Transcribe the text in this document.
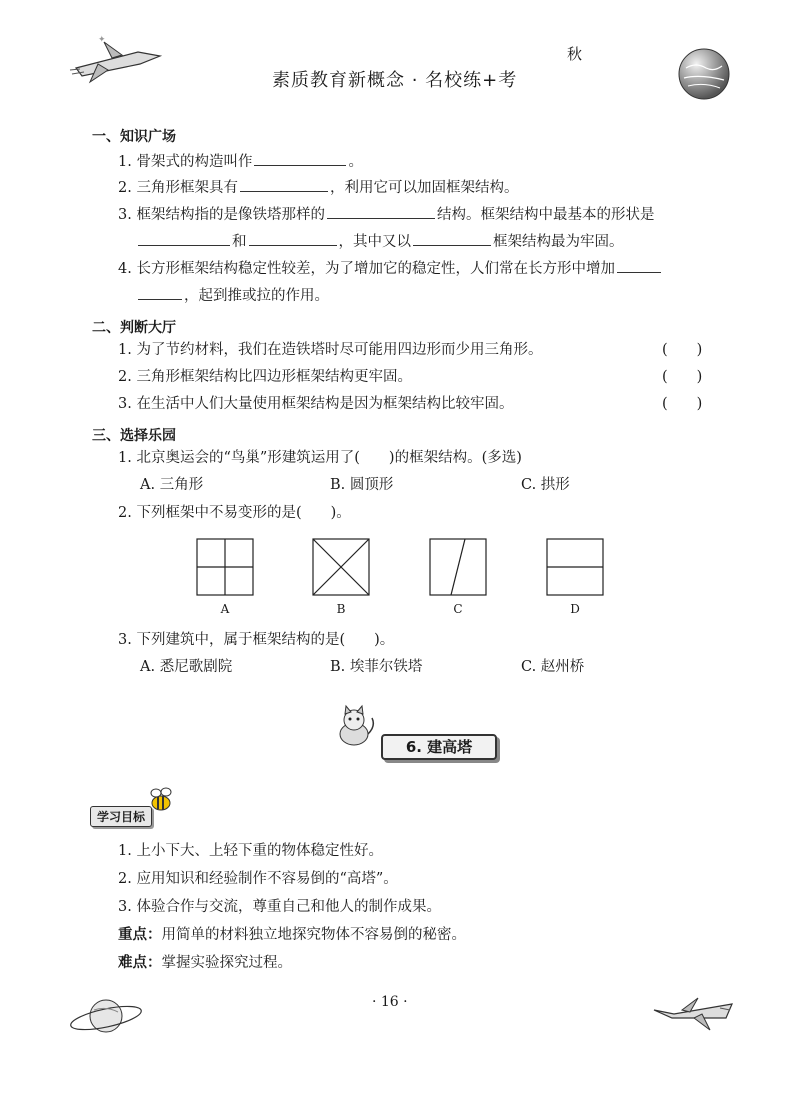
✦
素质教育新概念 · 名校练+考
秋
一、知识广场
1. 骨架式的构造叫作	。
2. 三角形框架具有	，利用它可以加固框架结构。
3. 框架结构指的是像铁塔那样的	结构。框架结构中最基本的形状是
和	，其中又以	框架结构最为牢固。
4. 长方形框架结构稳定性较差，为了增加它的稳定性，人们常在长方形中增加
，起到推或拉的作用。
二、判断大厅
1. 为了节约材料，我们在造铁塔时尽可能用四边形而少用三角形。	(　　)
2. 三角形框架结构比四边形框架结构更牢固。	(　　)
3. 在生活中人们大量使用框架结构是因为框架结构比较牢固。	(　　)
三、选择乐园
1. 北京奥运会的“鸟巢”形建筑运用了(　　)的框架结构。(多选)
A. 三角形	B. 圆顶形	C. 拱形
2. 下列框架中不易变形的是(　　)。
A	B	C	D
3. 下列建筑中，属于框架结构的是(　　)。
A. 悉尼歌剧院	B. 埃菲尔铁塔	C. 赵州桥
6. 建高塔
学习目标
1. 上小下大、上轻下重的物体稳定性好。
2. 应用知识和经验制作不容易倒的“高塔”。
3. 体验合作与交流，尊重自己和他人的制作成果。
重点：用简单的材料独立地探究物体不容易倒的秘密。
难点：掌握实验探究过程。
· 16 ·
